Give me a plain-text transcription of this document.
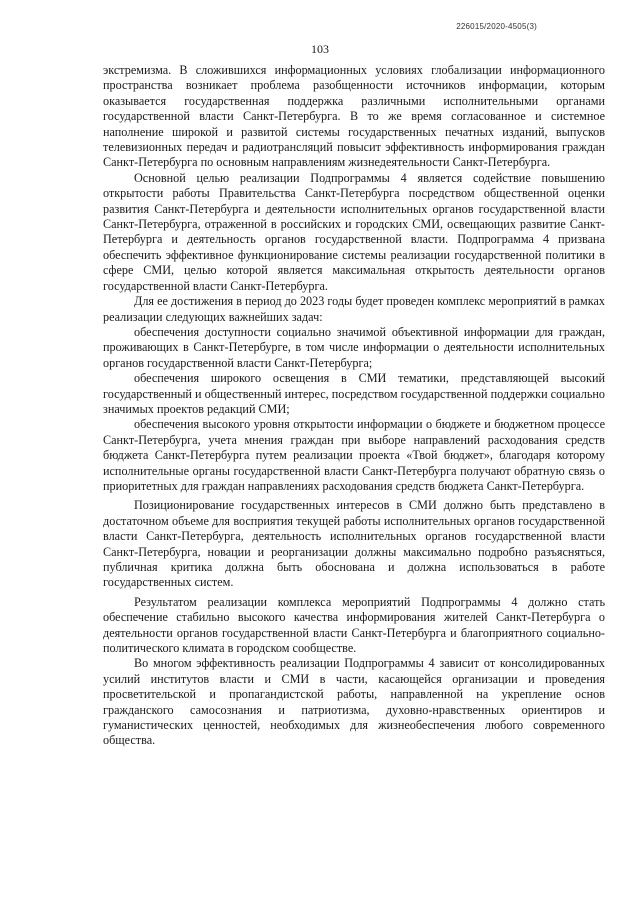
226015/2020-4505(3)
103

экстремизма. В сложившихся информационных условиях глобализации информационного пространства возникает проблема разобщенности источников информации, которым оказывается государственная поддержка различными исполнительными органами государственной власти Санкт-Петербурга. В то же время согласованное и системное наполнение широкой и развитой системы государственных печатных изданий, выпусков телевизионных передач и радиотрансляций повысит эффективность информирования граждан Санкт-Петербурга по основным направлениям жизнедеятельности Санкт-Петербурга.

Основной целью реализации Подпрограммы 4 является содействие повышению открытости работы Правительства Санкт-Петербурга посредством общественной оценки развития Санкт-Петербурга и деятельности исполнительных органов государственной власти Санкт-Петербурга, отраженной в российских и городских СМИ, освещающих развитие Санкт-Петербурга и деятельность органов государственной власти. Подпрограмма 4 призвана обеспечить эффективное функционирование системы реализации государственной политики в сфере СМИ, целью которой является максимальная открытость деятельности органов государственной власти Санкт-Петербурга.

Для ее достижения в период до 2023 годы будет проведен комплекс мероприятий в рамках реализации следующих важнейших задач:

обеспечения доступности социально значимой объективной информации для граждан, проживающих в Санкт-Петербурге, в том числе информации о деятельности исполнительных органов государственной власти Санкт-Петербурга;

обеспечения широкого освещения в СМИ тематики, представляющей высокий государственный и общественный интерес, посредством государственной поддержки социально значимых проектов редакций СМИ;

обеспечения высокого уровня открытости информации о бюджете и бюджетном процессе Санкт-Петербурга, учета мнения граждан при выборе направлений расходования средств бюджета Санкт-Петербурга путем реализации проекта «Твой бюджет», благодаря которому исполнительные органы государственной власти Санкт-Петербурга получают обратную связь о приоритетных для граждан направлениях расходования средств бюджета Санкт-Петербурга.

Позиционирование государственных интересов в СМИ должно быть представлено в достаточном объеме для восприятия текущей работы исполнительных органов государственной власти Санкт-Петербурга, деятельность исполнительных органов государственной власти Санкт-Петербурга, новации и реорганизации должны максимально подробно разъясняться, публичная критика должна быть обоснована и должна использоваться в работе государственных систем.

Результатом реализации комплекса мероприятий Подпрограммы 4 должно стать обеспечение стабильно высокого качества информирования жителей Санкт-Петербурга о деятельности органов государственной власти Санкт-Петербурга и благоприятного социально-политического климата в городском сообществе.

Во многом эффективность реализации Подпрограммы 4 зависит от консолидированных усилий институтов власти и СМИ в части, касающейся организации и проведения просветительской и пропагандистской работы, направленной на укрепление основ гражданского самосознания и патриотизма, духовно-нравственных ориентиров и гуманистических ценностей, необходимых для жизнеобеспечения любого современного общества.
